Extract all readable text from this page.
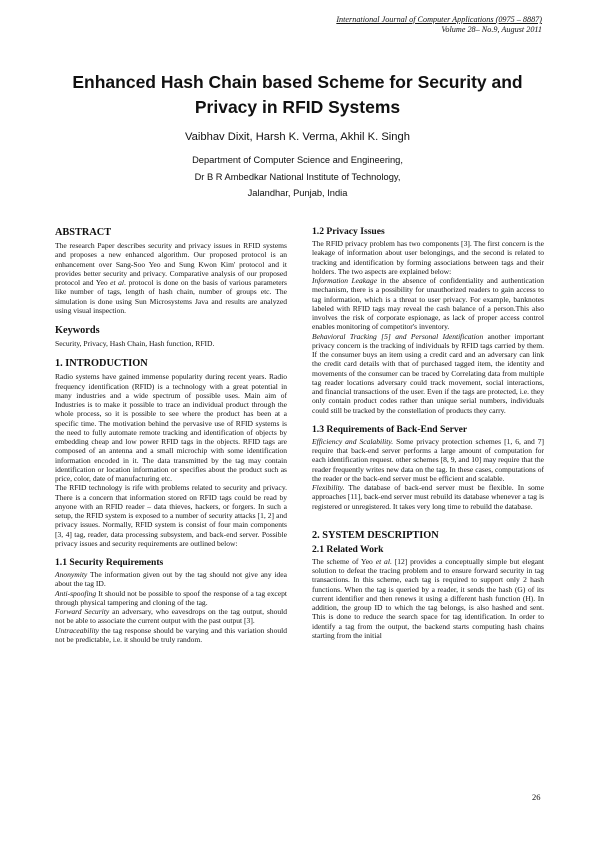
International Journal of Computer Applications (0975 – 8887)
Volume 28– No.9, August 2011
Enhanced Hash Chain based Scheme for Security and
Privacy in RFID Systems
Vaibhav Dixit, Harsh K. Verma, Akhil K. Singh
Department of Computer Science and Engineering,
Dr B R Ambedkar National Institute of Technology,
Jalandhar, Punjab, India
ABSTRACT

The research Paper describes security and privacy issues in RFID systems and proposes a new enhanced algorithm. Our proposed protocol is an enhancement over Sang-Soo Yeo and Sung Kwon Kim' protocol and it provides better security and privacy. Comparative analysis of our proposed protocol and Yeo et al. protocol is done on the basis of various parameters like number of tags, length of hash chain, number of groups etc. The simulation is done using Sun Microsystems Java and results are analyzed using visual inspection.

Keywords

Security, Privacy, Hash Chain, Hash function, RFID.

1. INTRODUCTION

Radio systems have gained immense popularity during recent years. Radio frequency identification (RFID) is a technology with a great potential in many industries and a wide spectrum of possible uses. Main aim of Industries is to make it possible to trace an individual product through the whole process, so it is possible to see where the product has been at a specific time. The motivation behind the pervasive use of RFID systems is the need to fully automate remote tracking and identification of objects by embedding cheap and low power RFID tags in the objects. RFID tags are composed of an antenna and a small microchip with some identification information encoded in it. The data transmitted by the tag may contain identification or location information or specifies about the product such as price, color, date of manufacturing etc.

The RFID technology is rife with problems related to security and privacy. There is a concern that information stored on RFID tags could be read by anyone with an RFID reader – data thieves, hackers, or forgers. In such a setup, the RFID system is exposed to a number of security attacks [1, 2] and privacy issues. Normally, RFID system is consist of four main components [3, 4] tag, reader, data processing subsystem, and back-end server. Possible privacy issues and security requirements are outlined below:

1.1 Security Requirements

Anonymity The information given out by the tag should not give any idea about the tag ID.

Anti-spoofing It should not be possible to spoof the response of a tag except through physical tampering and cloning of the tag.

Forward Security an adversary, who eavesdrops on the tag output, should not be able to associate the current output with the past output [3].

Untraceability the tag response should be varying and this variation should not be predictable, i.e. it should be truly random.

1.2 Privacy Issues

The RFID privacy problem has two components [3]. The first concern is the leakage of information about user belongings, and the second is related to tracking and identification by forming associations between tags and their holders. The two aspects are explained below:

Information Leakage in the absence of confidentiality and authentication mechanism, there is a possibility for unauthorized readers to gain access to tag information, which is a threat to user privacy. For example, banknotes labeled with RFID tags may reveal the cash balance of a person.This also involves the risk of corporate espionage, as lack of proper access control enables monitoring of competitor's inventory.

Behavioral Tracking [5] and Personal Identification another important privacy concern is the tracking of individuals by RFID tags carried by them. If the consumer buys an item using a credit card and an adversary can link the credit card details with that of purchased tagged item, the identity and movements of the consumer can be traced by Correlating data from multiple tag reader locations adversary could track movement, social interactions, and financial transactions of the user. Even if the tags are protected, i.e. they only contain product codes rather than unique serial numbers, individuals could still be tracked by the constellation of products they carry.

1.3 Requirements of Back-End Server

Efficiency and Scalability. Some privacy protection schemes [1, 6, and 7] require that back-end server performs a large amount of computation for each identification request. other schemes [8, 9, and 10] may require that the reader frequently writes new data on the tag. In these cases, computations of the reader or the back-end server must be efficient and scalable.

Flexibility. The database of back-end server must be flexible. In some approaches [11], back-end server must rebuild its database whenever a tag is registered or unregistered. It takes very long time to rebuild the database.

2. SYSTEM DESCRIPTION
2.1 Related Work

The scheme of Yeo et al. [12] provides a conceptually simple but elegant solution to defeat the tracing problem and to ensure forward security in tag transactions. In this scheme, each tag is required to support only 2 hash functions. When the tag is queried by a reader, it sends the hash (G) of its current identifier and then renews it using a different hash function (H). In addition, the group ID to which the tag belongs, is also hashed and sent. This is done to reduce the search space for tag identification. In order to identify a tag from the output, the backend starts computing hash chains starting from the initial

26
